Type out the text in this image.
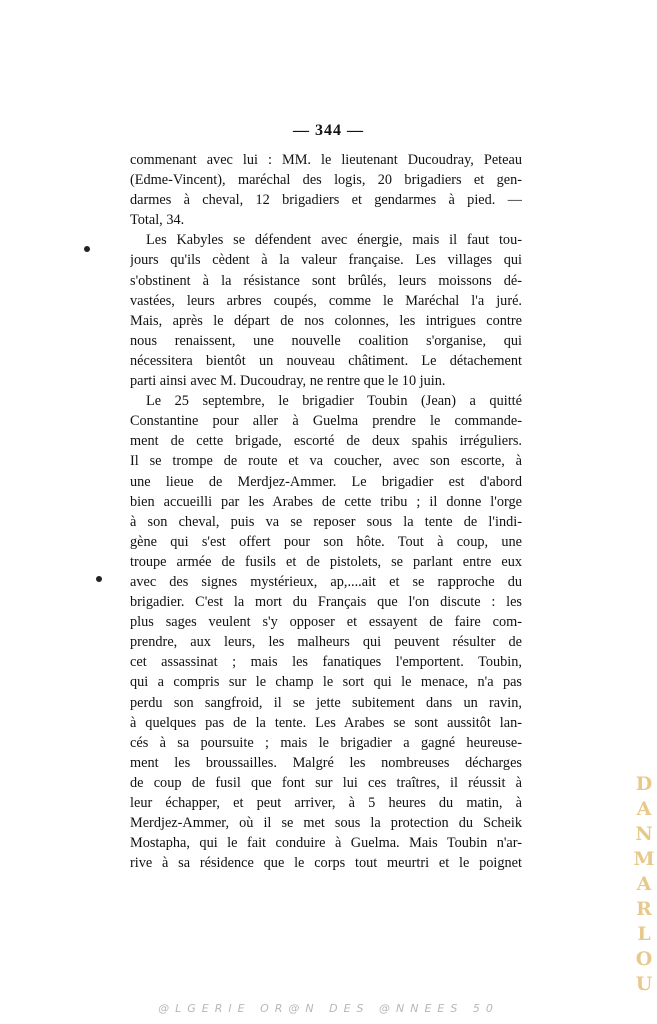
— 344 —
commenant avec lui : MM. le lieutenant Ducoudray, Peteau
(Edme-Vincent), maréchal des logis, 20 brigadiers et gen-
darmes à cheval, 12 brigadiers et gendarmes à pied. —
Total, 34.
Les Kabyles se défendent avec énergie, mais il faut tou-
jours qu'ils cèdent à la valeur française. Les villages qui
s'obstinent à la résistance sont brûlés, leurs moissons dé-
vastées, leurs arbres coupés, comme le Maréchal l'a juré.
Mais, après le départ de nos colonnes, les intrigues contre
nous renaissent, une nouvelle coalition s'organise, qui
nécessitera bientôt un nouveau châtiment. Le détachement
parti ainsi avec M. Ducoudray, ne rentre que le 10 juin.
Le 25 septembre, le brigadier Toubin (Jean) a quitté
Constantine pour aller à Guelma prendre le commande-
ment de cette brigade, escorté de deux spahis irréguliers.
Il se trompe de route et va coucher, avec son escorte, à
une lieue de Merdjez-Ammer. Le brigadier est d'abord
bien accueilli par les Arabes de cette tribu ; il donne l'orge
à son cheval, puis va se reposer sous la tente de l'indi-
gène qui s'est offert pour son hôte. Tout à coup, une
troupe armée de fusils et de pistolets, se parlant entre eux
avec des signes mystérieux, ap,....ait et se rapproche du
brigadier. C'est la mort du Français que l'on discute : les
plus sages veulent s'y opposer et essayent de faire com-
prendre, aux leurs, les malheurs qui peuvent résulter de
cet assassinat ; mais les fanatiques l'emportent. Toubin,
qui a compris sur le champ le sort qui le menace, n'a pas
perdu son sangfroid, il se jette subitement dans un ravin,
à quelques pas de la tente. Les Arabes se sont aussitôt lan-
cés à sa poursuite ; mais le brigadier a gagné heureuse-
ment les broussailles. Malgré les nombreuses décharges
de coup de fusil que font sur lui ces traîtres, il réussit à
leur échapper, et peut arriver, à 5 heures du matin, à
Merdjez-Ammer, où il se met sous la protection du Scheik
Mostapha, qui le fait conduire à Guelma. Mais Toubin n'ar-
rive à sa résidence que le corps tout meurtri et le poignet
D
A
N
M
A
R
L
O
U
@LGERIE OR@N DES @NNEES 50
